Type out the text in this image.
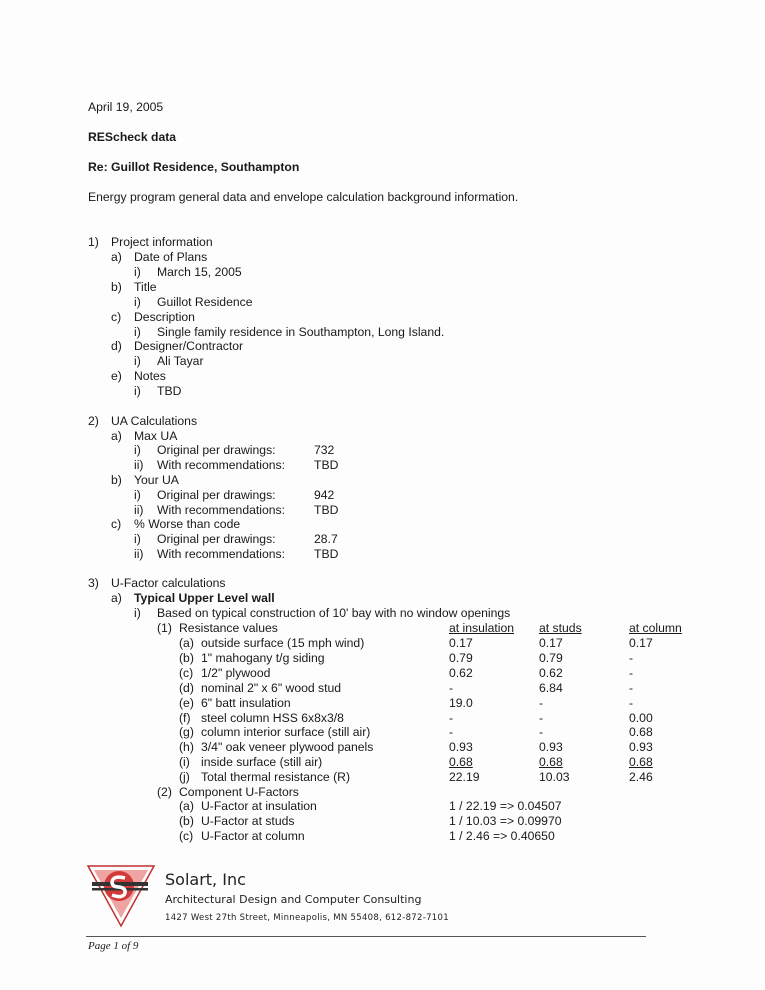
April 19, 2005
REScheck data
Re: Guillot Residence, Southampton
Energy program general data and envelope calculation background information.
1) Project information
a) Date of Plans
i) March 15, 2005
b) Title
i) Guillot Residence
c) Description
i) Single family residence in Southampton, Long Island.
d) Designer/Contractor
i) Ali Tayar
e) Notes
i) TBD
2) UA Calculations
a) Max UA
i) Original per drawings:	732
ii) With recommendations: TBD
b) Your UA
i) Original per drawings:	942
ii) With recommendations: TBD
c) % Worse than code
i) Original per drawings:	28.7
ii) With recommendations: TBD
3) U-Factor calculations
a) Typical Upper Level wall
i) Based on typical construction of 10' bay with no window openings
(1) Resistance values	at insulation at studs	at column
(a) outside surface (15 mph wind)	0.17	0.17	0.17
(b) 1" mahogany t/g siding	0.79	0.79	-
(c) 1/2" plywood	0.62	0.62	-
(d) nominal 2" x 6" wood stud	-	6.84	-
(e) 6" batt insulation	19.0	-	-
(f) steel column HSS 6x8x3/8	-	-	0.00
(g) column interior surface (still air)	-	-	0.68
(h) 3/4" oak veneer plywood panels	0.93	0.93	0.93
(i) inside surface (still air)	0.68	0.68	0.68
(j) Total thermal resistance (R)	22.19	10.03	2.46
(2) Component U-Factors
(a) U-Factor at insulation	1 / 22.19 => 0.04507
(b) U-Factor at studs	1 / 10.03 => 0.09970
(c) U-Factor at column	1 / 2.46 => 0.40650
Solart, Inc
Architectural Design and Computer Consulting
1427 West 27th Street, Minneapolis, MN 55408, 612-872-7101
Page 1 of 9
